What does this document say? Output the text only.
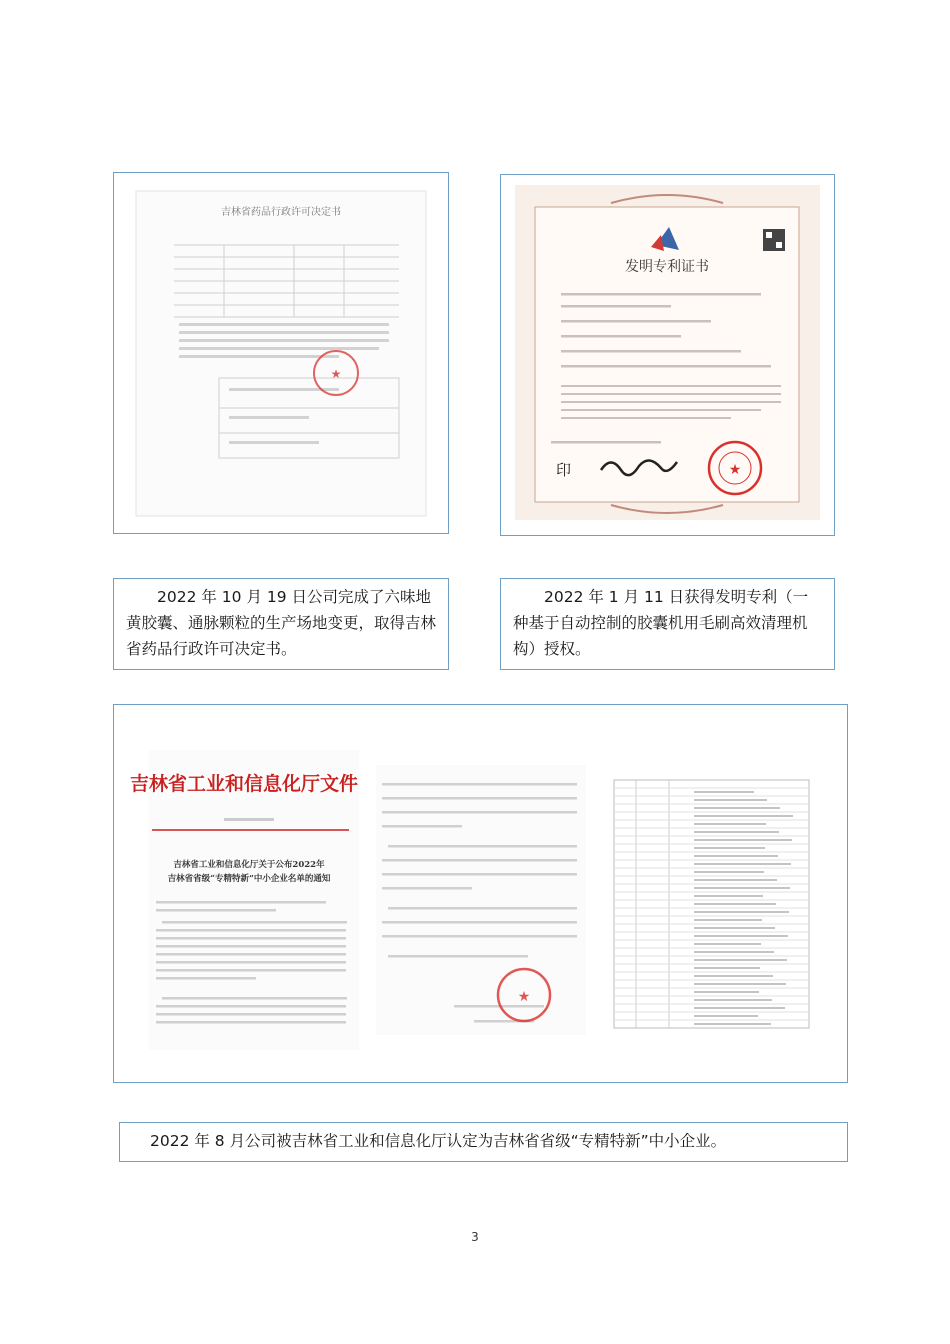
吉林省药品行政许可决定书
★
发明专利证书
印	★

2022 年 10 月 19 日公司完成了六味地黄胶囊、通脉颗粒的生产场地变更，取得吉林省药品行政许可决定书。

2022 年 1 月 11 日获得发明专利（一种基于自动控制的胶囊机用毛刷高效清理机构）授权。

吉林省工业和信息化厅文件
吉林省工业和信息化厅关于公布2022年
吉林省省级“专精特新”中小企业名单的通知
★
2022 年 8 月公司被吉林省工业和信息化厅认定为吉林省省级“专精特新”中小企业。
3
